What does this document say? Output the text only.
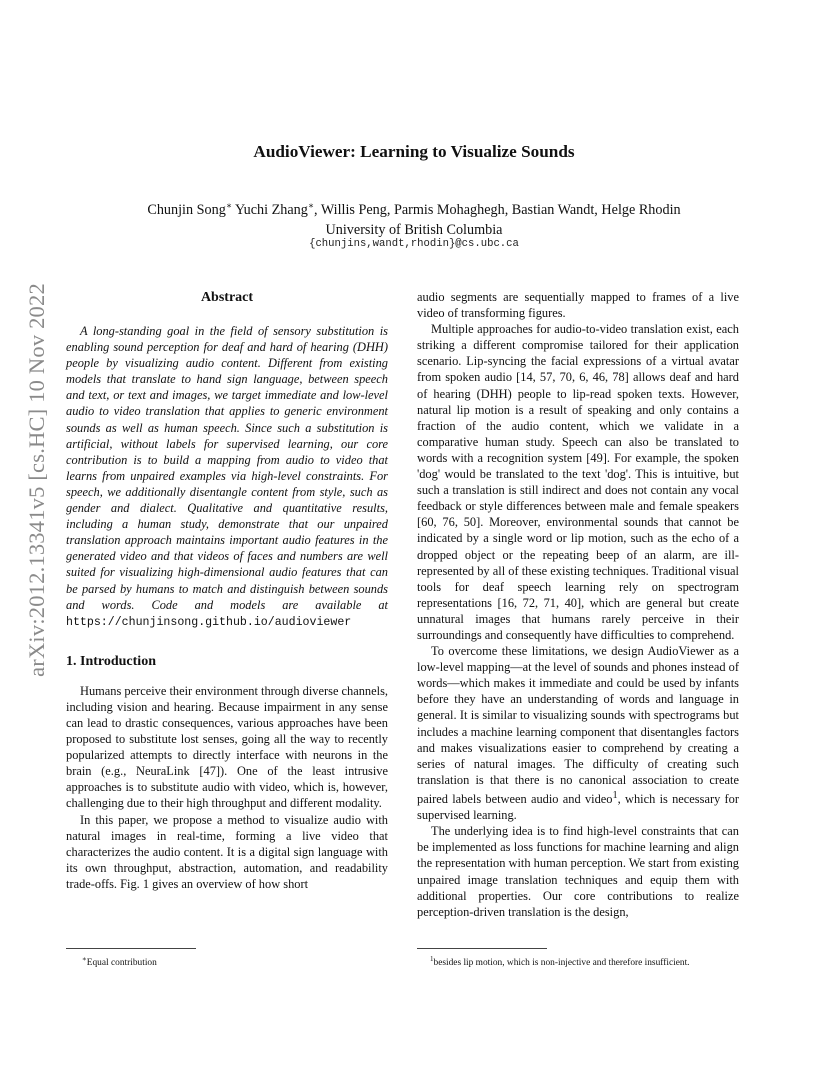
arXiv:2012.13341v5 [cs.HC] 10 Nov 2022
AudioViewer: Learning to Visualize Sounds
Chunjin Song∗ Yuchi Zhang∗, Willis Peng, Parmis Mohaghegh, Bastian Wandt, Helge Rhodin
University of British Columbia
{chunjins,wandt,rhodin}@cs.ubc.ca
Abstract

A long-standing goal in the field of sensory substitution is enabling sound perception for deaf and hard of hearing (DHH) people by visualizing audio content. Different from existing models that translate to hand sign language, between speech and text, or text and images, we target immediate and low-level audio to video translation that applies to generic environment sounds as well as human speech. Since such a substitution is artificial, without labels for supervised learning, our core contribution is to build a mapping from audio to video that learns from unpaired examples via high-level constraints. For speech, we additionally disentangle content from style, such as gender and dialect. Qualitative and quantitative results, including a human study, demonstrate that our unpaired translation approach maintains important audio features in the generated video and that videos of faces and numbers are well suited for visualizing high-dimensional audio features that can be parsed by humans to match and distinguish between sounds and words. Code and models are available at https://chunjinsong.github.io/audioviewer

1. Introduction

Humans perceive their environment through diverse channels, including vision and hearing. Because impairment in any sense can lead to drastic consequences, various approaches have been proposed to substitute lost senses, going all the way to recently popularized attempts to directly interface with neurons in the brain (e.g., NeuraLink [47]). One of the least intrusive approaches is to substitute audio with video, which is, however, challenging due to their high throughput and different modality.

In this paper, we propose a method to visualize audio with natural images in real-time, forming a live video that characterizes the audio content. It is a digital sign language with its own throughput, abstraction, automation, and readability trade-offs. Fig. 1 gives an overview of how short

audio segments are sequentially mapped to frames of a live video of transforming figures.

Multiple approaches for audio-to-video translation exist, each striking a different compromise tailored for their application scenario. Lip-syncing the facial expressions of a virtual avatar from spoken audio [14, 57, 70, 6, 46, 78] allows deaf and hard of hearing (DHH) people to lip-read spoken texts. However, natural lip motion is a result of speaking and only contains a fraction of the audio content, which we validate in a comparative human study. Speech can also be translated to words with a recognition system [49]. For example, the spoken 'dog' would be translated to the text 'dog'. This is intuitive, but such a translation is still indirect and does not contain any vocal feedback or style differences between male and female speakers [60, 76, 50]. Moreover, environmental sounds that cannot be indicated by a single word or lip motion, such as the echo of a dropped object or the repeating beep of an alarm, are ill-represented by all of these existing techniques. Traditional visual tools for deaf speech learning rely on spectrogram representations [16, 72, 71, 40], which are general but create unnatural images that humans rarely perceive in their surroundings and consequently have difficulties to comprehend.

To overcome these limitations, we design AudioViewer as a low-level mapping—at the level of sounds and phones instead of words—which makes it immediate and could be used by infants before they have an understanding of words and language in general. It is similar to visualizing sounds with spectrograms but includes a machine learning component that disentangles factors and makes visualizations easier to comprehend by creating a series of natural images. The difficulty of creating such translation is that there is no canonical association to create paired labels between audio and video$^1$, which is necessary for supervised learning.

The underlying idea is to find high-level constraints that can be implemented as loss functions for machine learning and align the representation with human perception. We start from existing unpaired image translation techniques and equip them with additional properties. Our core contributions to realize perception-driven translation is the design,

∗Equal contribution	$^1$besides lip motion, which is non-injective and therefore insufficient.
